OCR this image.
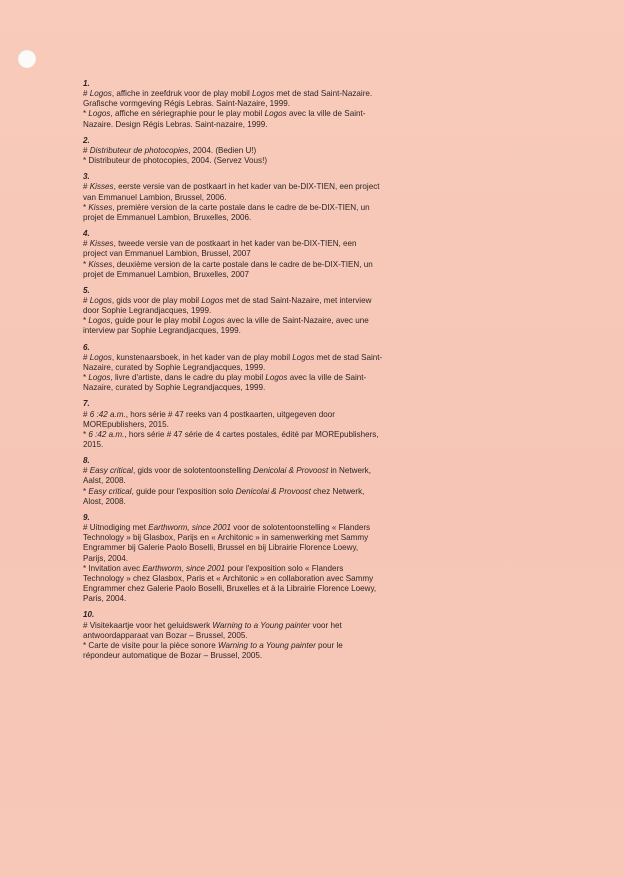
1.
# Logos, affiche in zeefdruk voor de play mobil Logos met de stad Saint-Nazaire.
Grafische vormgeving Régis Lebras. Saint-Nazaire, 1999.
* Logos, affiche en sériegraphie pour le play mobil Logos avec la ville de Saint-
Nazaire. Design Régis Lebras. Saint-nazaire, 1999.
2.
# Distributeur de photocopies, 2004. (Bedien U!)
* Distributeur de photocopies, 2004. (Servez Vous!)
3.
# Kisses, eerste versie van de postkaart in het kader van be-DIX-TIEN, een project
van Emmanuel Lambion, Brussel, 2006.
* Kisses, première version de la carte postale dans le cadre de be-DIX-TIEN, un
projet de Emmanuel Lambion, Bruxelles, 2006.
4.
# Kisses, tweede versie van de postkaart in het kader van be-DIX-TIEN, een
project van Emmanuel Lambion, Brussel, 2007
* Kisses, deuxième version de la carte postale dans le cadre de be-DIX-TIEN, un
projet de Emmanuel Lambion, Bruxelles, 2007
5.
# Logos, gids voor de play mobil Logos met de stad Saint-Nazaire, met interview
door Sophie Legrandjacques, 1999.
* Logos, guide pour le play mobil Logos avec la ville de Saint-Nazaire, avec une
interview par Sophie Legrandjacques, 1999.
6.
# Logos, kunstenaarsboek, in het kader van de play mobil Logos met de stad Saint-
Nazaire, curated by Sophie Legrandjacques, 1999.
* Logos, livre d'artiste, dans le cadre du play mobil Logos avec la ville de Saint-
Nazaire, curated by Sophie Legrandjacques, 1999.
7.
# 6 :42 a.m., hors série # 47 reeks van 4 postkaarten, uitgegeven door
MOREpublishers, 2015.
* 6 :42 a.m., hors série # 47 série de 4 cartes postales, édité par MOREpublishers,
2015.
8.
# Easy critical, gids voor de solotentoonstelling Denicolai & Provoost in Netwerk,
Aalst, 2008.
* Easy critical, guide pour l'exposition solo Denicolai & Provoost chez Netwerk,
Alost, 2008.
9.
# Uitnodiging met Earthworm, since 2001 voor de solotentoonstelling « Flanders
Technology » bij Glasbox, Parijs en « Architonic » in samenwerking met Sammy
Engrammer bij Galerie Paolo Boselli, Brussel en bij Librairie Florence Loewy,
Parijs, 2004.
* Invitation avec Earthworm, since 2001 pour l'exposition solo « Flanders
Technology » chez Glasbox, Paris et « Architonic » en collaboration avec Sammy
Engrammer chez Galerie Paolo Boselli, Bruxelles et à la Librairie Florence Loewy,
Paris, 2004.
10.
# Visitekaartje voor het geluidswerk Warning to a Young painter voor het
antwoordapparaat van Bozar – Brussel, 2005.
* Carte de visite pour la pièce sonore Warning to a Young painter pour le
répondeur automatique de Bozar – Brussel, 2005.
